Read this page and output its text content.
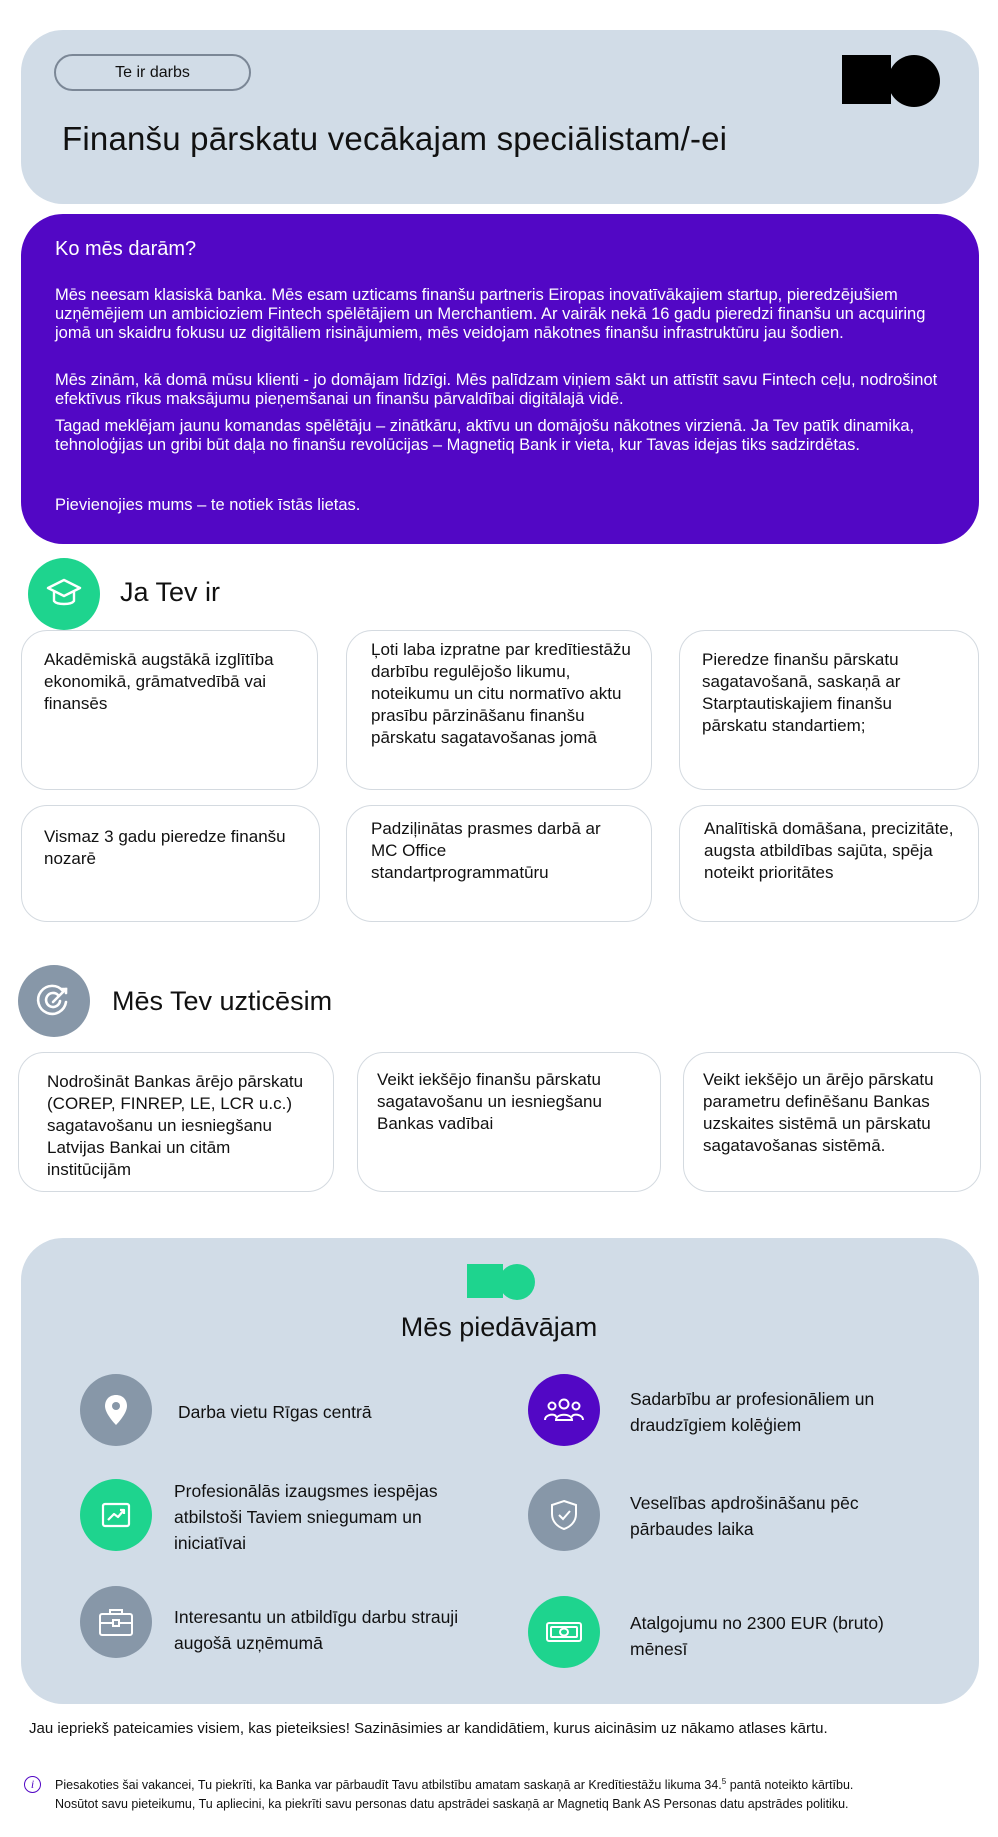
Te ir darbs
Finanšu pārskatu vecākajam speciālistam/-ei
Ko mēs darām?
Mēs neesam klasiskā banka. Mēs esam uzticams finanšu partneris Eiropas inovatīvākajiem startup, pieredzējušiem uzņēmējiem un ambicioziem Fintech spēlētājiem un Merchantiem. Ar vairāk nekā 16 gadu pieredzi finanšu un acquiring jomā un skaidru fokusu uz digitāliem risinājumiem, mēs veidojam nākotnes finanšu infrastruktūru jau šodien.
Mēs zinām, kā domā mūsu klienti - jo domājam līdzīgi. Mēs palīdzam viņiem sākt un attīstīt savu Fintech ceļu, nodrošinot efektīvus rīkus maksājumu pieņemšanai un finanšu pārvaldībai digitālajā vidē.
Tagad meklējam jaunu komandas spēlētāju – zinātkāru, aktīvu un domājošu nākotnes virzienā. Ja Tev patīk dinamika, tehnoloģijas un gribi būt daļa no finanšu revolūcijas – Magnetiq Bank ir vieta, kur Tavas idejas tiks sadzirdētas.
Pievienojies mums – te notiek īstās lietas.
Ja Tev ir
Akadēmiskā augstākā izglītība ekonomikā, grāmatvedībā vai finansēs
Ļoti laba izpratne par kredītiestāžu darbību regulējošo likumu, noteikumu un citu normatīvo aktu prasību pārzināšanu finanšu pārskatu sagatavošanas jomā
Pieredze finanšu pārskatu sagatavošanā, saskaņā ar Starptautiskajiem finanšu pārskatu standartiem;
Vismaz 3 gadu pieredze finanšu nozarē
Padziļinātas prasmes darbā ar MC Office standartprogrammatūru
Analītiskā domāšana, precizitāte, augsta atbildības sajūta, spēja noteikt prioritātes
Mēs Tev uzticēsim
Nodrošināt Bankas ārējo pārskatu (COREP, FINREP, LE, LCR u.c.) sagatavošanu un iesniegšanu Latvijas Bankai un citām institūcijām
Veikt iekšējo finanšu pārskatu sagatavošanu un iesniegšanu Bankas vadībai
Veikt iekšējo un ārējo pārskatu parametru definēšanu Bankas uzskaites sistēmā un pārskatu sagatavošanas sistēmā.
Mēs piedāvājam
Darba vietu Rīgas centrā
Sadarbību ar profesionāliem un draudzīgiem kolēģiem
Profesionālās izaugsmes iespējas atbilstoši Taviem sniegumam un iniciatīvai
Veselības apdrošināšanu pēc pārbaudes laika
Interesantu un atbildīgu darbu strauji augošā uzņēmumā
Atalgojumu no 2300 EUR (bruto) mēnesī
Jau iepriekš pateicamies visiem, kas pieteiksies! Sazināsimies ar kandidātiem, kurus aicināsim uz nākamo atlases kārtu.
i	Piesakoties šai vakancei, Tu piekrīti, ka Banka var pārbaudīt Tavu atbilstību amatam saskaņā ar Kredītiestāžu likuma 34.$^5$ pantā noteikto kārtību.
Nosūtot savu pieteikumu, Tu apliecini, ka piekrīti savu personas datu apstrādei saskaņā ar Magnetiq Bank AS Personas datu apstrādes politiku.
